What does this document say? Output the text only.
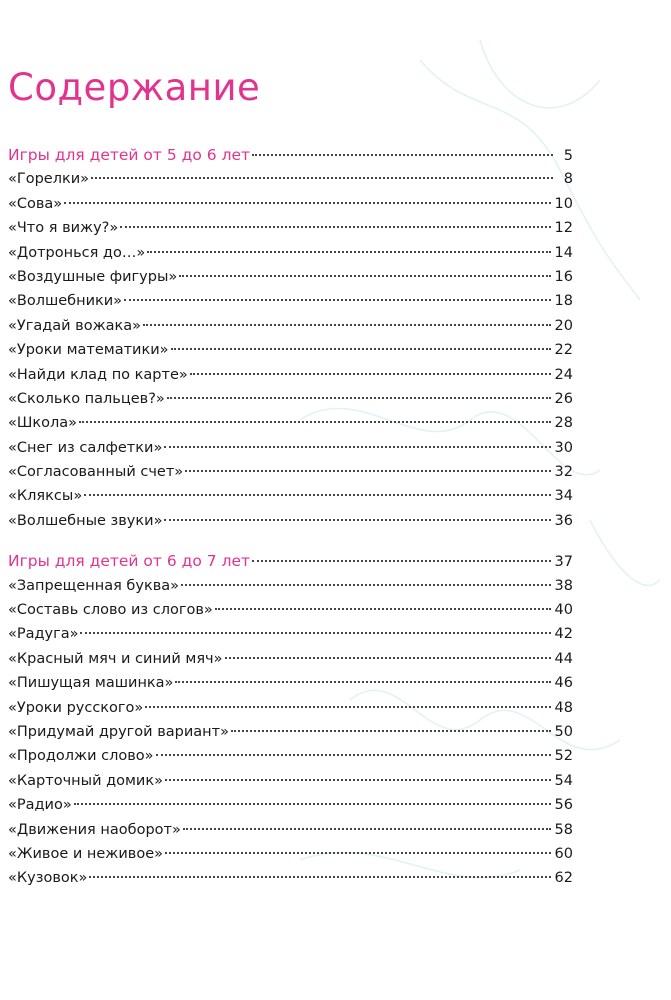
Содержание
Игры для детей от 5 до 6 лет	5
«Горелки»	8
«Сова»	10
«Что я вижу?»	12
«Дотронься до…»	14
«Воздушные фигуры»	16
«Волшебники»	18
«Угадай вожака»	20
«Уроки математики»	22
«Найди клад по карте»	24
«Сколько пальцев?»	26
«Школа»	28
«Снег из салфетки»	30
«Согласованный счет»	32
«Кляксы»	34
«Волшебные звуки»	36
Игры для детей от 6 до 7 лет	37
«Запрещенная буква»	38
«Составь слово из слогов»	40
«Радуга»	42
«Красный мяч и синий мяч»	44
«Пишущая машинка»	46
«Уроки русского»	48
«Придумай другой вариант»	50
«Продолжи слово»	52
«Карточный домик»	54
«Радио»	56
«Движения наоборот»	58
«Живое и неживое»	60
«Кузовок»	62
